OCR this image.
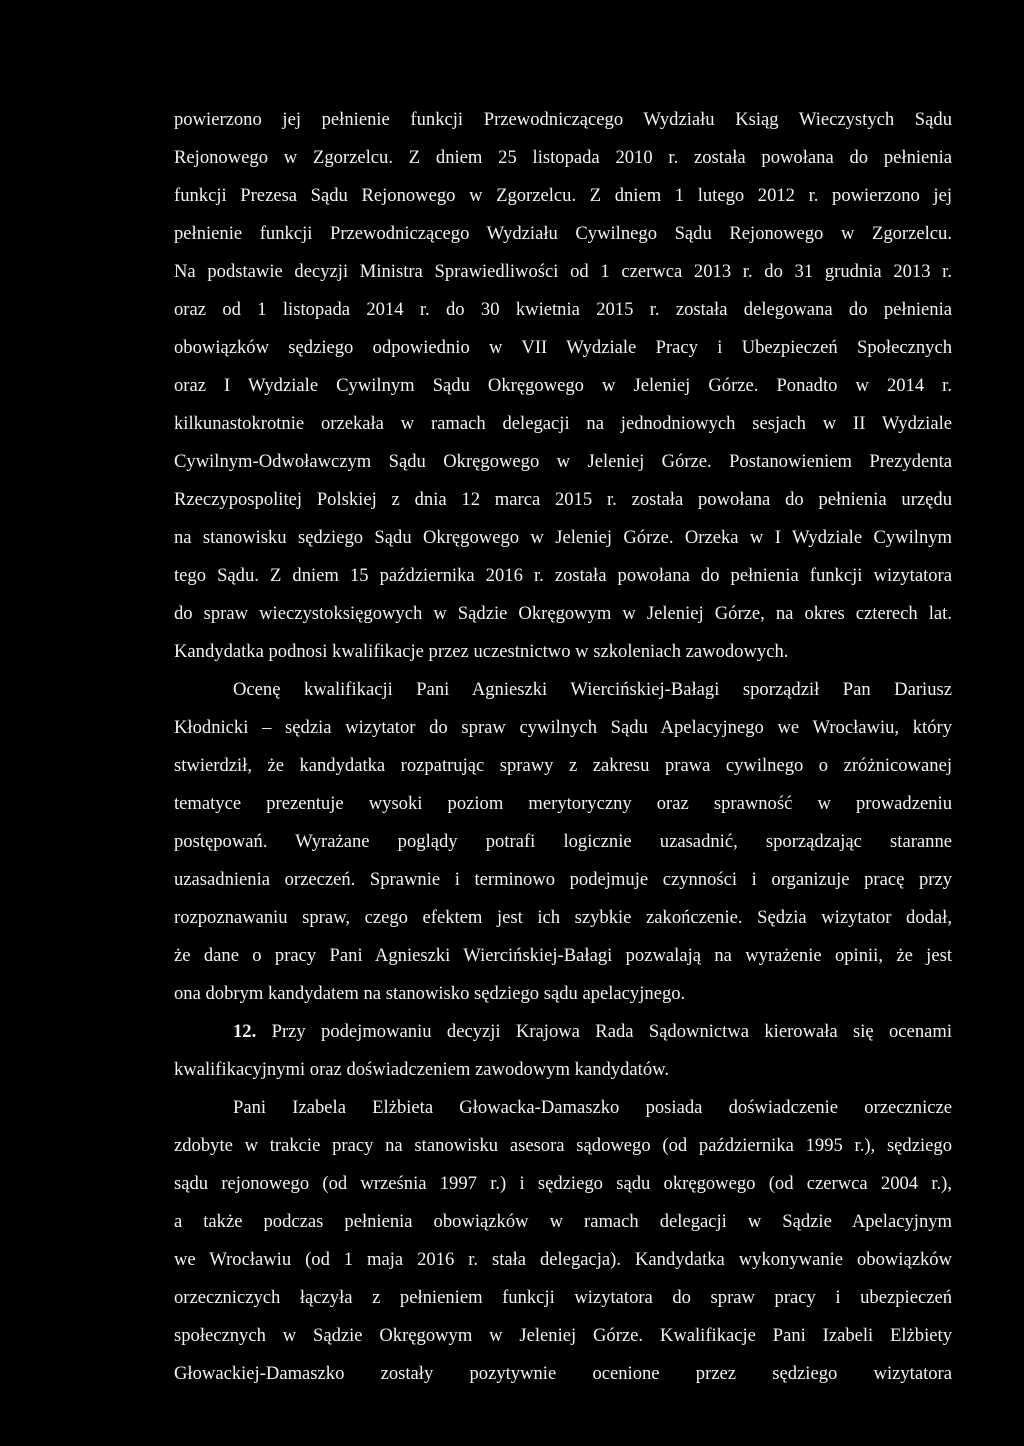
powierzono jej pełnienie funkcji Przewodniczącego Wydziału Ksiąg Wieczystych Sądu
Rejonowego w Zgorzelcu. Z dniem 25 listopada 2010 r. została powołana do pełnienia
funkcji Prezesa Sądu Rejonowego w Zgorzelcu. Z dniem 1 lutego 2012 r. powierzono jej
pełnienie funkcji Przewodniczącego Wydziału Cywilnego Sądu Rejonowego w Zgorzelcu.
Na podstawie decyzji Ministra Sprawiedliwości od 1 czerwca 2013 r. do 31 grudnia 2013 r.
oraz od 1 listopada 2014 r. do 30 kwietnia 2015 r. została delegowana do pełnienia
obowiązków sędziego odpowiednio w VII Wydziale Pracy i Ubezpieczeń Społecznych
oraz I Wydziale Cywilnym Sądu Okręgowego w Jeleniej Górze. Ponadto w 2014 r.
kilkunastokrotnie orzekała w ramach delegacji na jednodniowych sesjach w II Wydziale
Cywilnym-Odwoławczym Sądu Okręgowego w Jeleniej Górze. Postanowieniem Prezydenta
Rzeczypospolitej Polskiej z dnia 12 marca 2015 r. została powołana do pełnienia urzędu
na stanowisku sędziego Sądu Okręgowego w Jeleniej Górze. Orzeka w I Wydziale Cywilnym
tego Sądu. Z dniem 15 października 2016 r. została powołana do pełnienia funkcji wizytatora
do spraw wieczystoksięgowych w Sądzie Okręgowym w Jeleniej Górze, na okres czterech lat.
Kandydatka podnosi kwalifikacje przez uczestnictwo w szkoleniach zawodowych.
Ocenę kwalifikacji Pani Agnieszki Wiercińskiej-Bałagi sporządził Pan Dariusz
Kłodnicki – sędzia wizytator do spraw cywilnych Sądu Apelacyjnego we Wrocławiu, który
stwierdził, że kandydatka rozpatrując sprawy z zakresu prawa cywilnego o zróżnicowanej
tematyce prezentuje wysoki poziom merytoryczny oraz sprawność w prowadzeniu
postępowań. Wyrażane poglądy potrafi logicznie uzasadnić, sporządzając staranne
uzasadnienia orzeczeń. Sprawnie i terminowo podejmuje czynności i organizuje pracę przy
rozpoznawaniu spraw, czego efektem jest ich szybkie zakończenie. Sędzia wizytator dodał,
że dane o pracy Pani Agnieszki Wiercińskiej-Bałagi pozwalają na wyrażenie opinii, że jest
ona dobrym kandydatem na stanowisko sędziego sądu apelacyjnego.
12. Przy podejmowaniu decyzji Krajowa Rada Sądownictwa kierowała się ocenami
kwalifikacyjnymi oraz doświadczeniem zawodowym kandydatów.
Pani Izabela Elżbieta Głowacka-Damaszko posiada doświadczenie orzecznicze
zdobyte w trakcie pracy na stanowisku asesora sądowego (od października 1995 r.), sędziego
sądu rejonowego (od września 1997 r.) i sędziego sądu okręgowego (od czerwca 2004 r.),
a także podczas pełnienia obowiązków w ramach delegacji w Sądzie Apelacyjnym
we Wrocławiu (od 1 maja 2016 r. stała delegacja). Kandydatka wykonywanie obowiązków
orzeczniczych łączyła z pełnieniem funkcji wizytatora do spraw pracy i ubezpieczeń
społecznych w Sądzie Okręgowym w Jeleniej Górze. Kwalifikacje Pani Izabeli Elżbiety
Głowackiej-Damaszko zostały pozytywnie ocenione przez sędziego wizytatora
